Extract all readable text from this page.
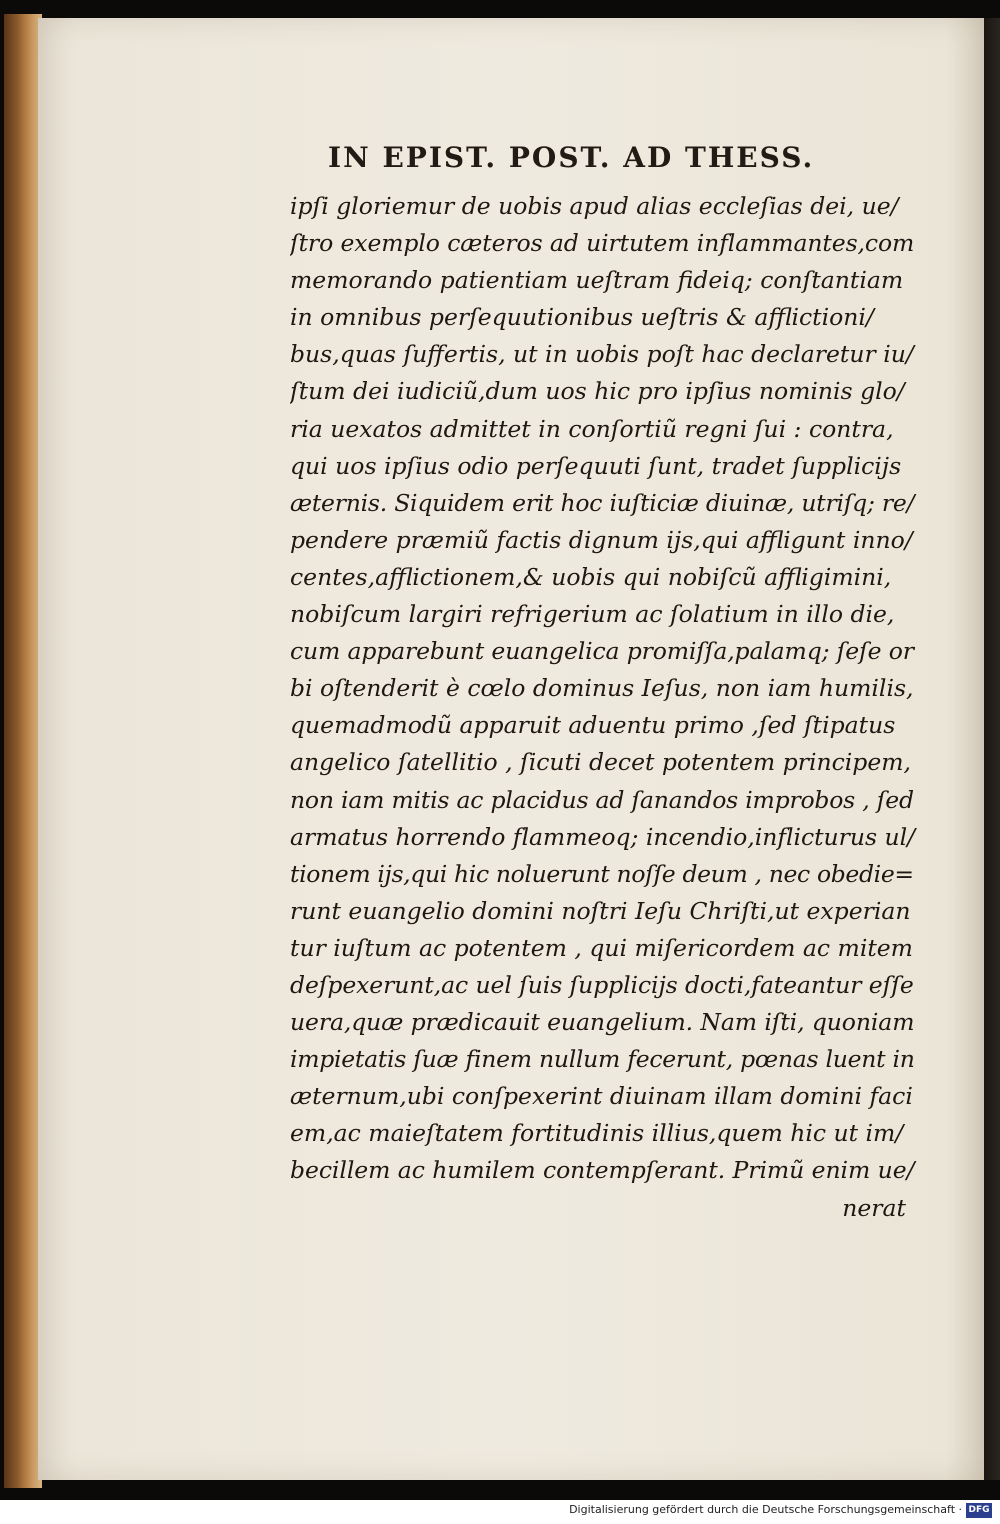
IN EPIST. POST. AD THESS.
ipſi gloriemur de uobis apud alias eccleſias dei, ue/
ſtro exemplo cæteros ad uirtutem inflammantes,com
memorando patientiam ueſtram fideiq; conſtantiam
in omnibus perſequutionibus ueſtris & afflictioni/
bus,quas ſuffertis, ut in uobis poſt hac declaretur iu/
ſtum dei iudiciũ,dum uos hic pro ipſius nominis glo/
ria uexatos admittet in conſortiũ regni ſui : contra,
qui uos ipſius odio perſequuti ſunt, tradet ſupplicijs
æternis. Siquidem erit hoc iuſticiæ diuinæ, utriſq; re/
pendere præmiũ factis dignum ijs,qui affligunt inno/
centes,afflictionem,& uobis qui nobiſcũ affligimini,
nobiſcum largiri refrigerium ac ſolatium in illo die,
cum apparebunt euangelica promiſſa,palamq; ſeſe or
bi oſtenderit è cœlo dominus Ieſus, non iam humilis,
quemadmodũ apparuit aduentu primo ,ſed ſtipatus
angelico ſatellitio , ſicuti decet potentem principem,
non iam mitis ac placidus ad ſanandos improbos , ſed
armatus horrendo flammeoq; incendio,inflicturus ul/
tionem ijs,qui hic noluerunt noſſe deum , nec obedie=
runt euangelio domini noſtri Ieſu Chriſti,ut experian
tur iuſtum ac potentem , qui miſericordem ac mitem
deſpexerunt,ac uel ſuis ſupplicijs docti,fateantur eſſe
uera,quæ prædicauit euangelium. Nam iſti, quoniam
impietatis ſuæ finem nullum fecerunt, pœnas luent in
æternum,ubi conſpexerint diuinam illam domini faci
em,ac maieſtatem fortitudinis illius,quem hic ut im/
becillem ac humilem contempſerant. Primũ enim ue/
nerat
Digitalisierung gefördert durch die Deutsche Forschungsgemeinschaft · DFG
